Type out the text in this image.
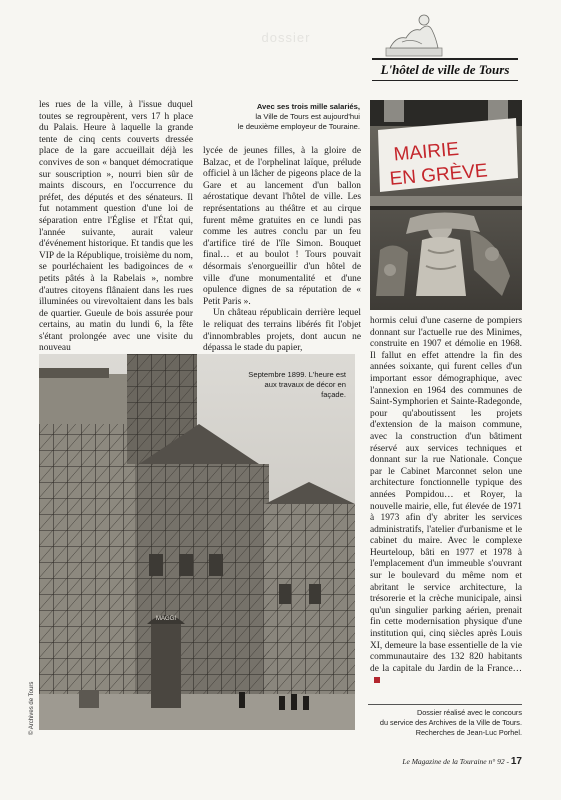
dossier
L'hôtel de ville de Tours

les rues de la ville, à l'issue duquel toutes se regroupèrent, vers 17 h place du Palais. Heure à laquelle la grande tente de cinq cents couverts dressée place de la gare accueillait déjà les convives de son « banquet démocratique sur souscription », nourri bien sûr de maints discours, en l'occurrence du préfet, des députés et des sénateurs. Il fut notamment question d'une loi de séparation entre l'Église et l'État qui, l'année suivante, aurait valeur d'événement historique. Et tandis que les VIP de la République, troisième du nom, se pourléchaient les badigoinces de « petits pâtés à la Rabelais », nombre d'autres citoyens flânaient dans les rues illuminées ou virevoltaient dans les bals de quartier. Gueule de bois assurée pour certains, au matin du lundi 6, la fête s'étant prolongée avec une visite du nouveau

Avec ses trois mille salariés,
la Ville de Tours est aujourd'hui
le deuxième employeur de Touraine.

lycée de jeunes filles, à la gloire de Balzac, et de l'orphelinat laïque, prélude officiel à un lâcher de pigeons place de la Gare et au lancement d'un ballon aérostatique devant l'hôtel de ville. Les représentations au théâtre et au cirque furent même gratuites en ce lundi pas comme les autres conclu par un feu d'artifice tiré de l'île Simon. Bouquet final… et au boulot ! Tours pouvait désormais s'enorgueillir d'un hôtel de ville d'une monumentalité et d'une opulence dignes de sa réputation de « Petit Paris ».

Un château républicain derrière lequel le reliquat des terrains libérés fit l'objet d'innombrables projets, dont aucun ne dépassa le stade du papier,

MAIRIE
EN GRÈVE
MAGGI
© Archives de Tours
Septembre 1899. L'heure est
aux travaux de décor en façade.

hormis celui d'une caserne de pompiers donnant sur l'actuelle rue des Minimes, construite en 1907 et démolie en 1968. Il fallut en effet attendre la fin des années soixante, qui furent celles d'un important essor démographique, avec l'annexion en 1964 des communes de Saint-Symphorien et Sainte-Radegonde, pour qu'aboutissent les projets d'extension de la maison commune, avec la construction d'un bâtiment réservé aux services techniques et donnant sur la rue Nationale. Conçue par le Cabinet Marconnet selon une architecture fonctionnelle typique des années Pompidou… et Royer, la nouvelle mairie, elle, fut élevée de 1971 à 1973 afin d'y abriter les services administratifs, l'atelier d'urbanisme et le cabinet du maire. Avec le complexe Heurteloup, bâti en 1977 et 1978 à l'emplacement d'un immeuble s'ouvrant sur le boulevard du même nom et abritant le service architecture, la trésorerie et la crèche municipale, ainsi qu'un singulier parking aérien, prenait fin cette modernisation physique d'une institution qui, cinq siècles après Louis XI, demeure la base essentielle de la vie communautaire des 132 820 habitants de la capitale du Jardin de la France…

Dossier réalisé avec le concours
du service des Archives de la Ville de Tours.
Recherches de Jean-Luc Porhel.
Le Magazine de la Touraine n° 92 - 17
